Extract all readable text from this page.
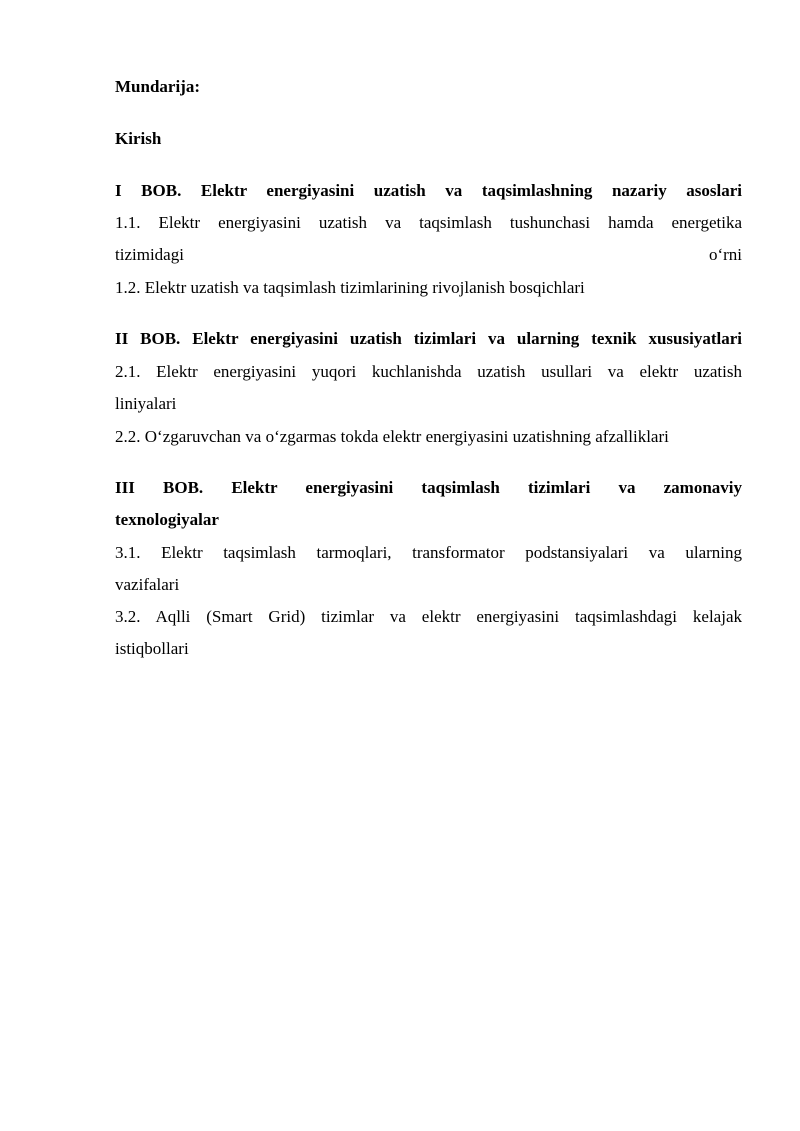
Mundarija:
Kirish
I BOB. Elektr energiyasini uzatish va taqsimlashning nazariy asoslari
1.1. Elektr energiyasini uzatish va taqsimlash tushunchasi hamda energetika
tizimidagi	o‘rni
1.2. Elektr uzatish va taqsimlash tizimlarining rivojlanish bosqichlari
II BOB. Elektr energiyasini uzatish tizimlari va ularning texnik xususiyatlari
2.1. Elektr energiyasini yuqori kuchlanishda uzatish usullari va elektr uzatish
liniyalari
2.2. O‘zgaruvchan va o‘zgarmas tokda elektr energiyasini uzatishning afzalliklari
III BOB. Elektr energiyasini taqsimlash tizimlari va zamonaviy
texnologiyalar
3.1. Elektr taqsimlash tarmoqlari, transformator podstansiyalari va ularning
vazifalari
3.2. Aqlli (Smart Grid) tizimlar va elektr energiyasini taqsimlashdagi kelajak
istiqbollari
